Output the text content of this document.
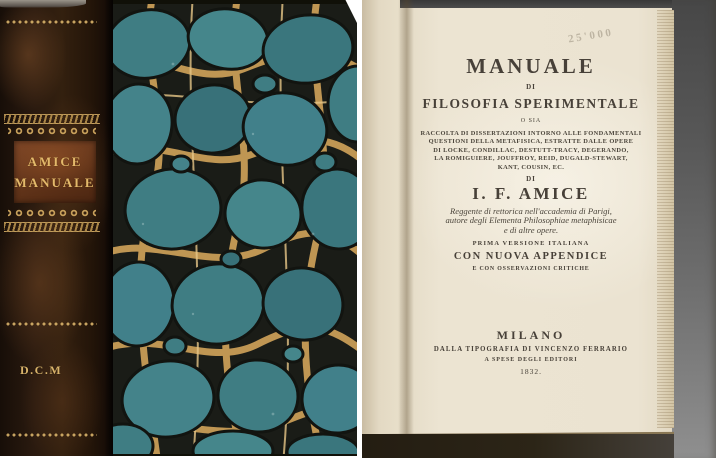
AMICE
MANUALE
D.C.M
25'000
MANUALE
DI
FILOSOFIA SPERIMENTALE
O SIA
RACCOLTA DI DISSERTAZIONI INTORNO ALLE FONDAMENTALI
QUESTIONI DELLA METAFISICA, ESTRATTE DALLE OPERE
DI LOCKE, CONDILLAC, DESTUTT-TRACY, DEGERANDO,
LA ROMIGUIERE, JOUFFROY, REID, DUGALD-STEWART,
KANT, COUSIN, EC.
DI
I. F. AMICE
Reggente di rettorica nell'accademia di Parigi,
autore degli Elementa Philosophiae metaphisicae
e di altre opere.
PRIMA VERSIONE ITALIANA
CON NUOVA APPENDICE
E CON OSSERVAZIONI CRITICHE
MILANO
DALLA TIPOGRAFIA DI VINCENZO FERRARIO
A SPESE DEGLI EDITORI
1832.
